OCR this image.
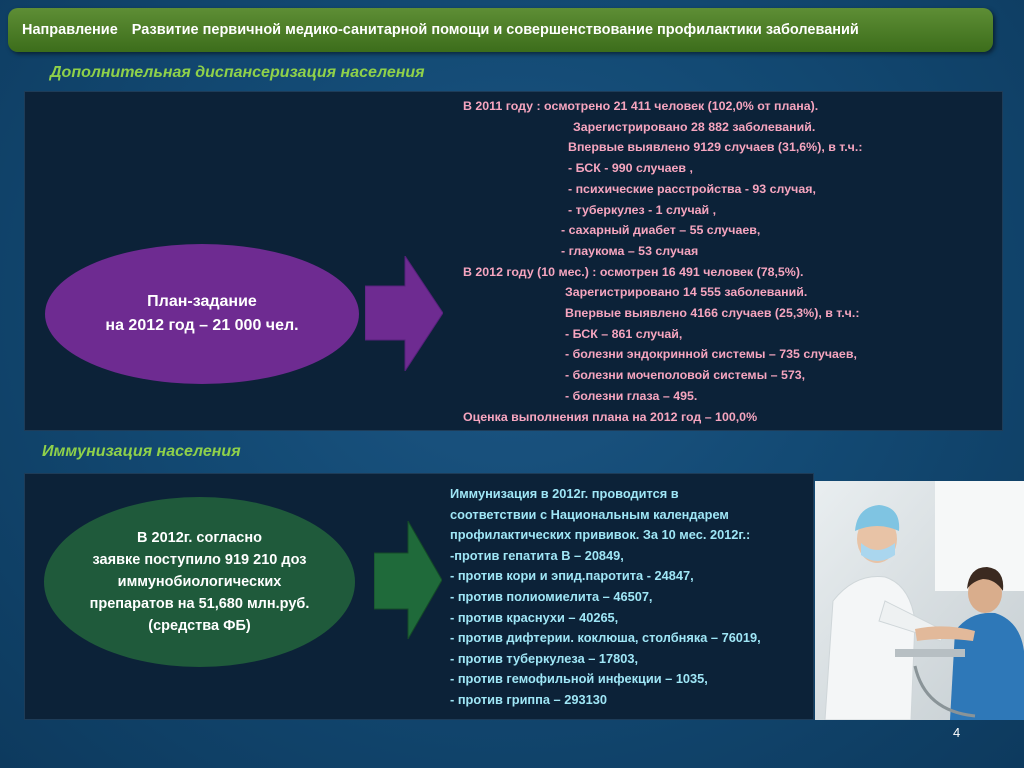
Направление Развитие первичной медико-санитарной помощи и совершенствование профилактики заболеваний
Дополнительная диспансеризация населения
План-задание
на 2012 год – 21 000 чел.
В 2011 году : осмотрено 21 411 человек (102,0% от плана).
Зарегистрировано 28 882 заболеваний.
Впервые выявлено 9129 случаев (31,6%), в т.ч.:
- БСК - 990 случаев ,
- психические расстройства - 93 случая,
- туберкулез - 1 случай ,
- сахарный диабет – 55 случаев,
- глаукома – 53 случая
В 2012 году (10 мес.) : осмотрен 16 491 человек (78,5%).
Зарегистрировано 14 555 заболеваний.
Впервые выявлено 4166 случаев (25,3%), в т.ч.:
- БСК – 861 случай,
- болезни эндокринной системы – 735 случаев,
- болезни мочеполовой системы – 573,
- болезни глаза – 495.
Оценка выполнения плана на 2012 год – 100,0%
Иммунизация населения
В 2012г. согласно
заявке поступило 919 210 доз
иммунобиологических
препаратов на 51,680 млн.руб.
(средства ФБ)
Иммунизация в 2012г. проводится в
соответствии с Национальным календарем
профилактических прививок. За 10 мес. 2012г.:
-против гепатита В – 20849,
- против кори и эпид.паротита - 24847,
- против полиомиелита – 46507,
- против краснухи – 40265,
- против дифтерии. коклюша, столбняка – 76019,
- против туберкулеза – 17803,
- против гемофильной инфекции – 1035,
- против гриппа – 293130
4
